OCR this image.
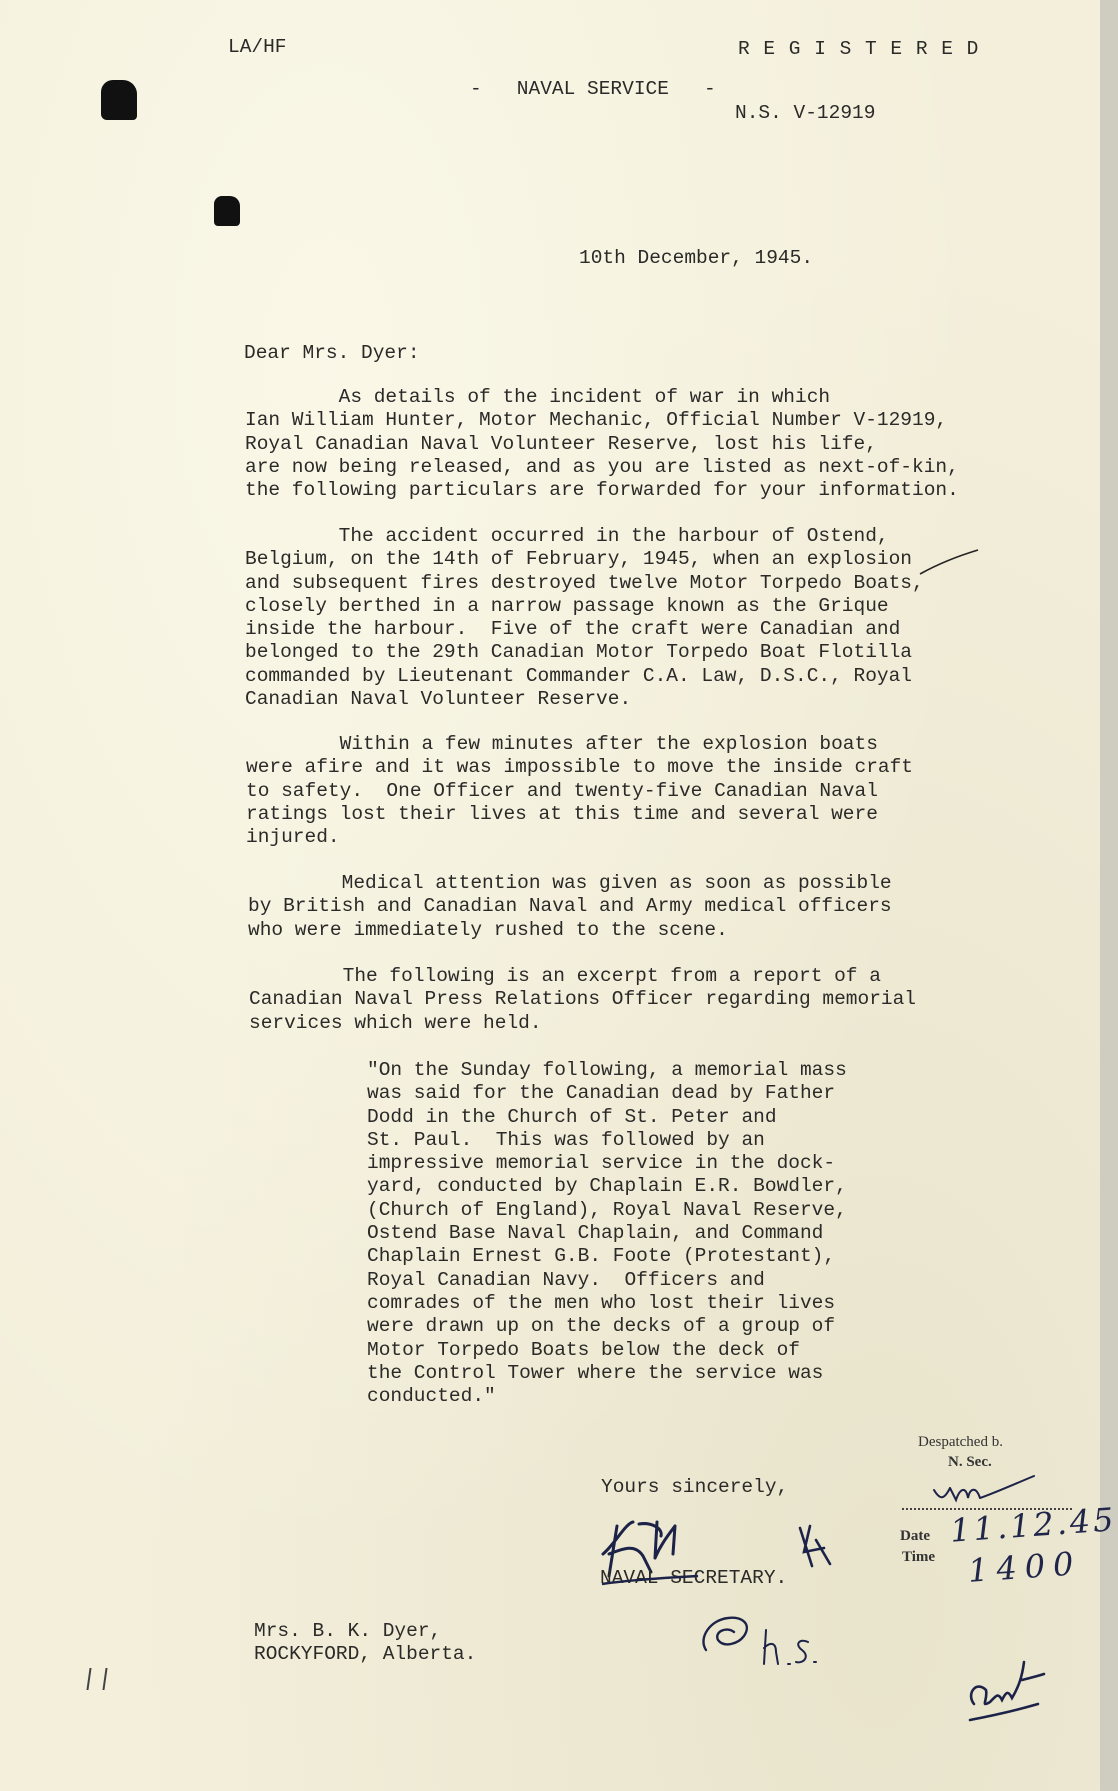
LA/HF	R E G I S T E R E D
-   NAVAL SERVICE   -
N.S. V-12919
10th December, 1945.
Dear Mrs. Dyer:
As details of the incident of war in which
Ian William Hunter, Motor Mechanic, Official Number V-12919,
Royal Canadian Naval Volunteer Reserve, lost his life,
are now being released, and as you are listed as next-of-kin,
the following particulars are forwarded for your information.
The accident occurred in the harbour of Ostend,
Belgium, on the 14th of February, 1945, when an explosion
and subsequent fires destroyed twelve Motor Torpedo Boats,
closely berthed in a narrow passage known as the Grique
inside the harbour.  Five of the craft were Canadian and
belonged to the 29th Canadian Motor Torpedo Boat Flotilla
commanded by Lieutenant Commander C.A. Law, D.S.C., Royal
Canadian Naval Volunteer Reserve.
Within a few minutes after the explosion boats
were afire and it was impossible to move the inside craft
to safety.  One Officer and twenty-five Canadian Naval
ratings lost their lives at this time and several were
injured.
Medical attention was given as soon as possible
by British and Canadian Naval and Army medical officers
who were immediately rushed to the scene.
The following is an excerpt from a report of a
Canadian Naval Press Relations Officer regarding memorial
services which were held.
"On the Sunday following, a memorial mass
was said for the Canadian dead by Father
Dodd in the Church of St. Peter and
St. Paul.  This was followed by an
impressive memorial service in the dock-
yard, conducted by Chaplain E.R. Bowdler,
(Church of England), Royal Naval Reserve,
Ostend Base Naval Chaplain, and Command
Chaplain Ernest G.B. Foote (Protestant),
Royal Canadian Navy.  Officers and
comrades of the men who lost their lives
were drawn up on the decks of a group of
Motor Torpedo Boats below the deck of
the Control Tower where the service was
conducted."
Yours sincerely,
NAVAL SECRETARY.
Mrs. B. K. Dyer,
ROCKYFORD, Alberta.
Despatched b.
N. Sec.
Date
Time
11.12.45
1400
